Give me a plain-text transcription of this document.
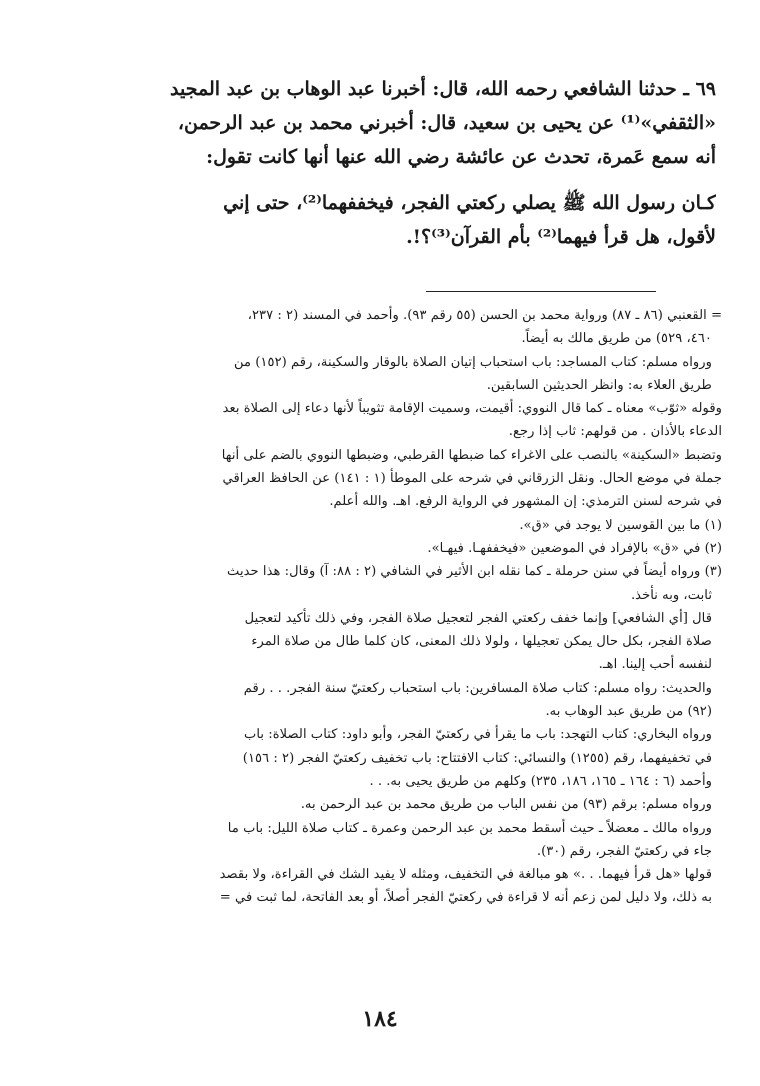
٦٩ ـ حدثنا الشافعي رحمه الله، قال: أخبرنا عبد الوهاب بن عبد المجيد
«الثقفي»⁽¹⁾ عن يحيى بن سعيد، قال: أخبرني محمد بن عبد الرحمن،
أنه سمع عَمرة، تحدث عن عائشة رضي الله عنها أنها كانت تقول:
كـان رسول الله ﷺ يصلي ركعتي الفجر، فيخففهما⁽²⁾، حتى إني
لأقول، هل قرأ فيهما⁽²⁾ بأم القرآن⁽³⁾؟!.
= القعنبي (٨٦ ـ ٨٧) ورواية محمد بن الحسن (٥٥ رقم ٩٣). وأحمد في المسند (٢ : ٢٣٧،
٤٦٠، ٥٢٩) من طريق مالك به أيضاً.
ورواه مسلم: كتاب المساجد: باب استحباب إتيان الصلاة بالوقار والسكينة، رقم (١٥٢) من
طريق العلاء به: وانظر الحديثين السابقين.
وقوله «ثوّب» معناه ـ كما قال النووي: أقيمت، وسميت الإقامة تثويباً لأنها دعاء إلى الصلاة بعد
الدعاء بالأذان . من قولهم: ثاب إذا رجع.
وتضبط «السكينة» بالنصب على الاغراء كما ضبطها القرطبي، وضبطها النووي بالضم على أنها
جملة في موضع الحال. ونقل الزرقاني في شرحه على الموطأ (١ : ١٤١) عن الحافظ العراقي
في شرحه لسنن الترمذي: إن المشهور في الرواية الرفع. اهـ. والله أعلم.
(١) ما بين القوسين لا يوجد في «ق».
(٢) في «ق» بالإفراد في الموضعين «فيخففهـا. فيهـا».
(٣) ورواه أيضاً في سنن حرملة ـ كما نقله ابن الأثير في الشافي (٢ : ٨٨: آ) وقال: هذا حديث
ثابت، وبه نأخذ.
قال [أي الشافعي] وإنما خفف ركعتي الفجر لتعجيل صلاة الفجر، وفي ذلك تأكيد لتعجيل
صلاة الفجر، بكل حال يمكن تعجيلها ، ولولا ذلك المعنى، كان كلما طال من صلاة المرء
لنفسه أحب إلينا. اهـ.
والحديث: رواه مسلم: كتاب صلاة المسافرين: باب استحباب ركعتيّ سنة الفجر. . . رقم
(٩٢) من طريق عبد الوهاب به.
ورواه البخاري: كتاب التهجد: باب ما يقرأ في ركعتيّ الفجر، وأبو داود: كتاب الصلاة: باب
في تخفيفهما، رقم (١٢٥٥) والنسائي: كتاب الافتتاح: باب تخفيف ركعتيّ الفجر (٢ : ١٥٦)
وأحمد (٦ : ١٦٤ ـ ١٦٥، ١٨٦، ٢٣٥) وكلهم من طريق يحيى به. . .
ورواه مسلم: برقم (٩٣) من نفس الباب من طريق محمد بن عبد الرحمن به.
ورواه مالك ـ معضلاً ـ حيث أسقط محمد بن عبد الرحمن وعمرة ـ كتاب صلاة الليل: باب ما
جاء في ركعتيّ الفجر، رقم (٣٠).
قولها «هل قرأ فيهما. . .» هو مبالغة في التخفيف، ومثله لا يفيد الشك في القراءة، ولا بقصد
به ذلك، ولا دليل لمن زعم أنه لا قراءة في ركعتيّ الفجر أصلاً، أو بعد الفاتحة، لما ثبت في =
١٨٤
